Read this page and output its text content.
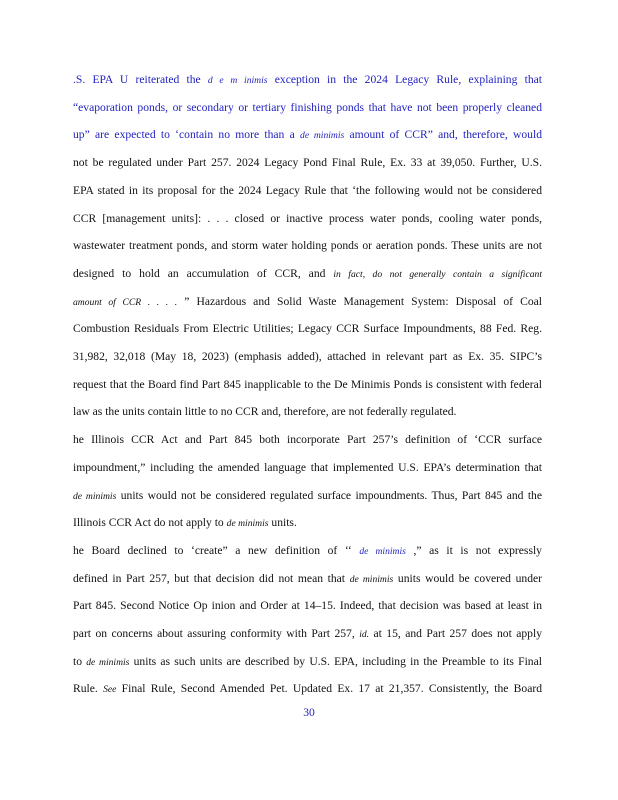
.S. EPA U reiterated the d e m inimis exception in the 2024 Legacy Rule, explaining that
“evaporation ponds, or secondary or tertiary finishing ponds that have not been properly cleaned
up” are expected to ‘contain no more than a de minimis amount of CCR” and, therefore, would
not be regulated under Part 257. 2024 Legacy Pond Final Rule, Ex. 33 at 39,050. Further, U.S.
EPA stated in its proposal for the 2024 Legacy Rule that ‘the following would not be considered
CCR [management units]: . . . closed or inactive process water ponds, cooling water ponds,
wastewater treatment ponds, and storm water holding ponds or aeration ponds. These units are not
designed to hold an accumulation of CCR, and in fact, do not generally contain a significant
amount of CCR . . . . ” Hazardous and Solid Waste Management System: Disposal of Coal
Combustion Residuals From Electric Utilities; Legacy CCR Surface Impoundments, 88 Fed. Reg.
31,982, 32,018 (May 18, 2023) (emphasis added), attached in relevant part as Ex. 35. SIPC’s
request that the Board find Part 845 inapplicable to the De Minimis Ponds is consistent with federal
law as the units contain little to no CCR and, therefore, are not federally regulated.
he Illinois CCR Act and Part 845 both incorporate Part 257’s definition of ‘CCR surface
impoundment,” including the amended language that implemented U.S. EPA’s determination that
de minimis units would not be considered regulated surface impoundments. Thus, Part 845 and the
Illinois CCR Act do not apply to de minimis units.
he Board declined to ‘create” a new definition of ‘‘ de minimis ,” as it is not expressly
defined in Part 257, but that decision did not mean that de minimis units would be covered under
Part 845. Second Notice Op inion and Order at 14–15. Indeed, that decision was based at least in
part on concerns about assuring conformity with Part 257, id. at 15, and Part 257 does not apply
to de minimis units as such units are described by U.S. EPA, including in the Preamble to its Final
Rule. See Final Rule, Second Amended Pet. Updated Ex. 17 at 21,357. Consistently, the Board
30
